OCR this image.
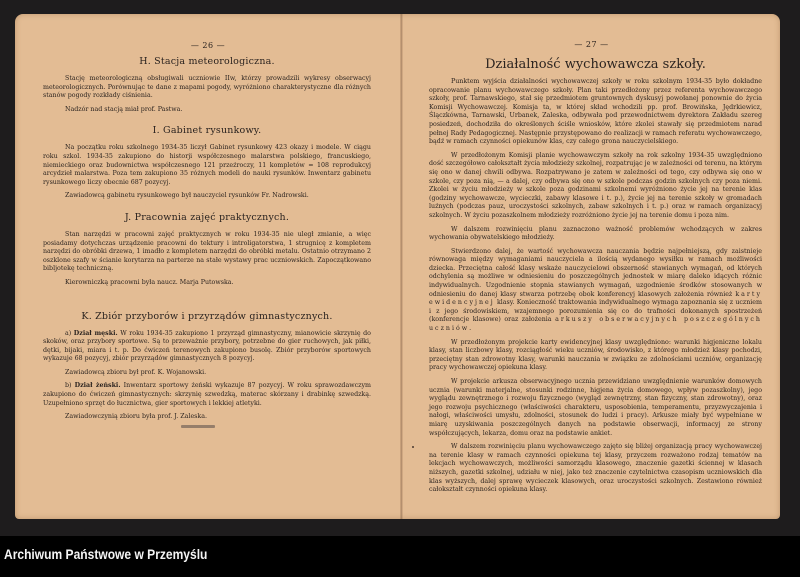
— 26 —
H. Stacja meteorologiczna.

Stację meteorologiczną obsługiwali uczniowie IIw, którzy prowadzili wykresy obserwacyj meteorologicznych. Porównując te dane z mapami pogody, wyróżniono charakterystyczne dla różnych stanów pogody rozkłady ciśnienia.

Nadzór nad stacją miał prof. Pastwa.

I. Gabinet rysunkowy.

Na początku roku szkolnego 1934-35 liczył Gabinet rysunkowy 423 okazy i modele. W ciągu roku szkol. 1934-35 zakupiono do historji współczesnego malarstwa polskiego, francuskiego, niemieckiego oraz budownictwa współczesnego 121 przeźroczy, 11 kompletów = 108 reprodukcyj arcydzieł malarstwa. Poza tem zakupiono 35 różnych modeli do nauki rysunków. Inwentarz gabinetu rysunkowego liczy obecnie 687 pozycyj.

Zawiadowcą gabinetu rysunkowego był nauczyciel rysunków Fr. Nadrowski.

J. Pracownia zajęć praktycznych.

Stan narzędzi w pracowni zajęć praktycznych w roku 1934-35 nie uległ zmianie, a więc posiadamy dotychczas urządzenie pracowni do tektury i introligatorstwa, 1 strugnicę z kompletem narzędzi do obróbki drzewa, 1 imadło z kompletem narzędzi do obróbki metalu. Ostatnio otrzymano 2 oszklone szafy w ścianie korytarza na parterze na stałe wystawy prac uczniowskich. Zapoczątkowano bibljotekę techniczną.

Kierowniczką pracowni była naucz. Marja Putowska.

K. Zbiór przyborów i przyrządów gimnastycznych.

a) Dział męski. W roku 1934-35 zakupiono 1 przyrząd gimnastyczny, mianowicie skrzynię do skoków, oraz przybory sportowe. Są to przeważnie przybory, potrzebne do gier ruchowych, jak piłki, dętki, bijaki, miara i t. p. Do ćwiczeń terenowych zakupiono busolę. Zbiór przyborów sportowych wykazuje 68 pozycyj, zbiór przyrządów gimnastycznych 8 pozycyj.

Zawiadowcą zbioru był prof. K. Wojanowski.

b) Dział żeński. Inwentarz sportowy żeński wykazuje 87 pozycyj. W roku sprawozdawczym zakupiono do ćwiczeń gimnastycznych: skrzynię szwedzką, materac skórzany i drabinkę szwedzką. Uzupełniono sprzęt do łucznictwa, gier sportowych i lekkiej atletyki.

Zawiadowczynią zbioru była prof. J. Zaleska.

— 27 —
Działalność wychowawcza szkoły.

Punktem wyjścia działalności wychowawczej szkoły w roku szkolnym 1934-35 było dokładne opracowanie planu wychowawczego szkoły. Plan taki przedłożony przez referenta wychowawczego szkoły, prof. Tarnawskiego, stał się przedmiotem gruntownych dyskusyj powołanej ponownie do życia Komisji Wychowawczej. Komisja ta, w której skład wchodzili pp. prof. Browińska, Jędrkiewicz, Ślączkówna, Tarnawski, Urbanek, Zaleska, odbywała pod przewodnictwem dyrektora Zakładu szereg posiedzeń, dochodziła do określonych ściśle wniosków, które zkolei stawały się przedmiotem narad pełnej Rady Pedagogicznej. Następnie przystępowano do realizacji w ramach referatu wychowawczego, bądź w ramach czynności opiekunów klas, czy całego grona nauczycielskiego.

W przedłożonym Komisji planie wychowawczym szkoły na rok szkolny 1934-35 uwzględniono dość szczegółowo całokształt życia młodzieży szkolnej, rozpatrując je w zależności od terenu, na którym się ono w danej chwili odbywa. Rozpatrywano je zatem w zależności od tego, czy odbywa się ono w szkole, czy poza nią, — a dalej, czy odbywa się ono w szkole podczas godzin szkolnych czy poza niemi. Zkolei w życiu młodzieży w szkole poza godzinami szkolnemi wyróżniono życie jej na terenie klas (godziny wychowawcze, wycieczki, zabawy klasowe i t. p.), życie jej na terenie szkoły w gromadach luźnych (podczas pauz, uroczystości szkolnych, zabaw szkolnych i t. p.) oraz w ramach organizacyj szkolnych. W życiu pozaszkolnem młodzieży rozróżniono życie jej na terenie domu i poza nim.

W dalszem rozwinięciu planu zaznaczono ważność problemów wchodzących w zakres wychowania obywatelskiego młodzieży.

Stwierdzono dalej, że wartość wychowawcza nauczania będzie najpełniejszą, gdy zaistnieje równowaga między wymaganiami nauczyciela a ilością wydanego wysiłku w ramach możliwości dziecka. Przeciętna całość klasy wskaże nauczycielowi obszerność stawianych wymagań, od których odchylenia są możliwe w odniesieniu do poszczególnych jednostek w miarę daleko idących różnic indywidualnych. Uzgodnienie stopnia stawianych wymagań, uzgodnienie środków stosowanych w odniesieniu do danej klasy stwarza potrzebę obok konferencyj klasowych założenia również karty ewidencyjnej klasy. Konieczność traktowania indywidualnego wymaga zapoznania się z uczniem i z jego środowiskiem, wzajemnego porozumienia się co do trafności dokonanych spostrzeżeń (konferencje klasowe) oraz założenia arkuszy obserwacyjnych poszczególnych uczniów.

W przedłożonym projekcie karty ewidencyjnej klasy uwzględniono: warunki higjeniczne lokalu klasy, stan liczbowy klasy, rozciągłość wieku uczniów, środowisko, z którego młodzież klasy pochodzi, przeciętny stan zdrowotny klasy, warunki nauczania w związku ze zdolnościami uczniów, organizację pracy wychowawczej opiekuna klasy.

W projekcie arkusza obserwacyjnego ucznia przewidziano uwzględnienie warunków domowych ucznia (warunki materjalne, stosunki rodzinne, higjena życia domowego, wpływ pozaszkolny), jego wyglądu zewnętrznego i rozwoju fizycznego (wygląd zewnętrzny, stan fizyczny, stan zdrowotny), oraz jego rozwoju psychicznego (właściwości charakteru, usposobienia, temperamentu, przyzwyczajenia i nałogi, właściwości umysłu, zdolności, stosunek do ludzi i pracy). Arkusze miały być wypełniane w miarę uzyskiwania poszczególnych danych na podstawie obserwacji, informacyj ze strony współczujących, lekarza, domu oraz na podstawie ankiet.

W dalszem rozwinięciu planu wychowawczego zajęto się bliżej organizacją pracy wychowawczej na terenie klasy w ramach czynności opiekuna tej klasy, przyczem rozważono rodzaj tematów na lekcjach wychowawczych, możliwości samorządu klasowego, znaczenie gazetki ściennej w klasach niższych, gazetki szkolnej, udziału w niej, jako też znaczenie czytelnictwa czasopism uczniowskich dla klas wyższych, dalej sprawę wycieczek klasowych, oraz uroczystości szkolnych. Zestawiono również całokształt czynności opiekuna klasy.

Archiwum Państwowe w Przemyślu
